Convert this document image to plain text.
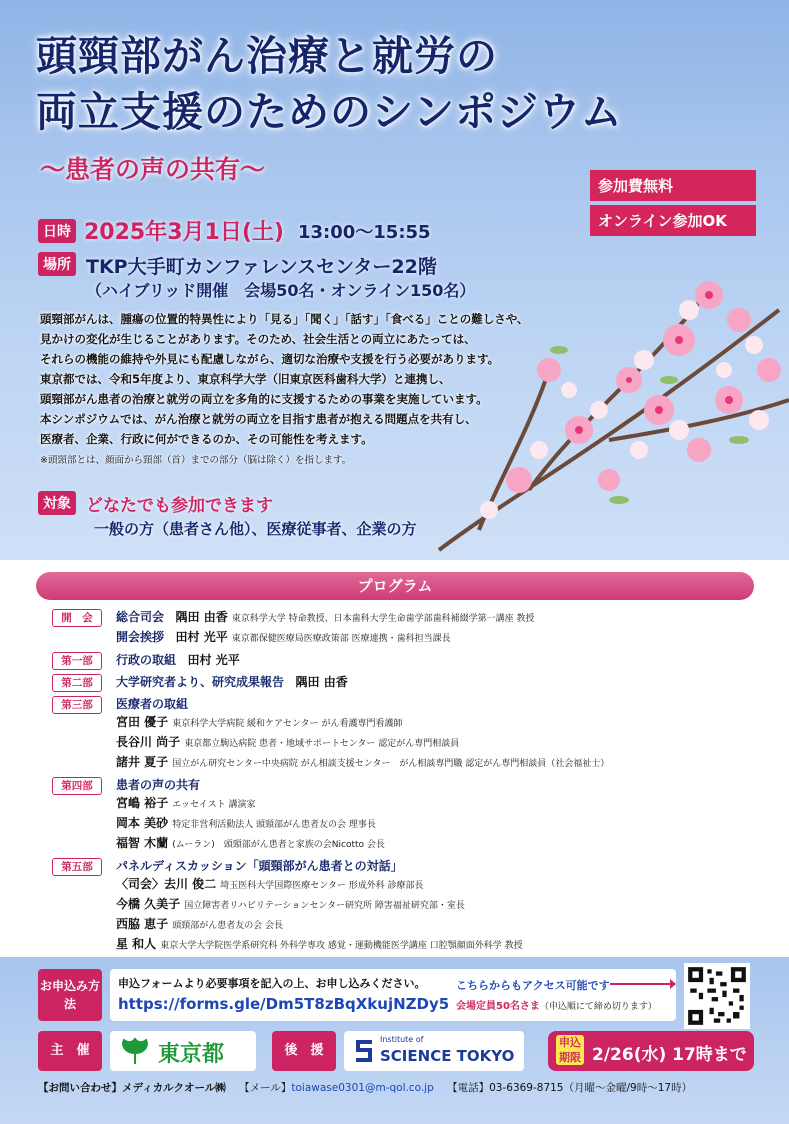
頭頸部がん治療と就労の
両立支援のためのシンポジウム
〜患者の声の共有〜
参加費無料
オンライン参加OK
日時 2025年3月1日(土) 13:00〜15:55
場所 TKP大手町カンファレンスセンター22階
（ハイブリッド開催　会場50名・オンライン150名）

頭頸部がんは、腫瘍の位置的特異性により「見る」「聞く」「話す」「食べる」ことの難しさや、

見かけの変化が生じることがあります。そのため、社会生活との両立にあたっては、

それらの機能の維持や外見にも配慮しながら、適切な治療や支援を行う必要があります。

東京都では、令和5年度より、東京科学大学（旧東京医科歯科大学）と連携し、

頭頸部がん患者の治療と就労の両立を多角的に支援するための事業を実施しています。

本シンポジウムでは、がん治療と就労の両立を目指す患者が抱える問題点を共有し、

医療者、企業、行政に何ができるのか、その可能性を考えます。

※頭頸部とは、顔面から頸部（首）までの部分（脳は除く）を指します。

対象 どなたでも参加できます
一般の方（患者さん他）、医療従事者、企業の方
プログラム
開　会	総合司会　 隅田 由香 東京科学大学 特命教授、日本歯科大学生命歯学部歯科補綴学第一講座 教授
開会挨拶　 田村 光平 東京都保健医療局医療政策部 医療連携・歯科担当課長
第一部	行政の取組　 田村 光平
第二部	大学研究者より、研究成果報告　 隅田 由香
第三部	医療者の取組
宮田 優子 東京科学大学病院 緩和ケアセンター がん看護専門看護師
長谷川 尚子 東京都立駒込病院 患者・地域サポートセンター 認定がん専門相談員
諸井 夏子 国立がん研究センター中央病院 がん相談支援センター　がん相談専門職 認定がん専門相談員（社会福祉士）
第四部	患者の声の共有
宮嶋 裕子 エッセイスト 講演家
岡本 美砂 特定非営利活動法人 頭頸部がん患者友の会 理事長
福智 木蘭 (ムーラン)　頭頸部がん患者と家族の会Nicotto 会長
第五部	パネルディスカッション「頭頸部がん患者との対話」
〈司会〉去川 俊二 埼玉医科大学国際医療センター 形成外科 診療部長
今橋 久美子 国立障害者リハビリテーションセンター研究所 障害福祉研究部・室長
西脇 恵子 頭頸部がん患者友の会 会長
星 和人 東京大学大学院医学系研究科 外科学専攻 感覚・運動機能医学講座 口腔顎顔面外科学 教授
お申込み方法
申込フォームより必要事項を記入の上、お申し込みください。
https://forms.gle/Dm5T8zBqXkujNZDy5
こちらからもアクセス可能です
会場定員50名さま（申込順にて締め切ります）
主　催	東京都	後　援
Institute of
SCIENCE TOKYO
申込期限 2/26(水) 17時まで
【お問い合わせ】メディカルクオール㈱ 【メール】toiawase0301@m-qol.co.jp 【電話】03-6369-8715（月曜〜金曜/9時〜17時）
